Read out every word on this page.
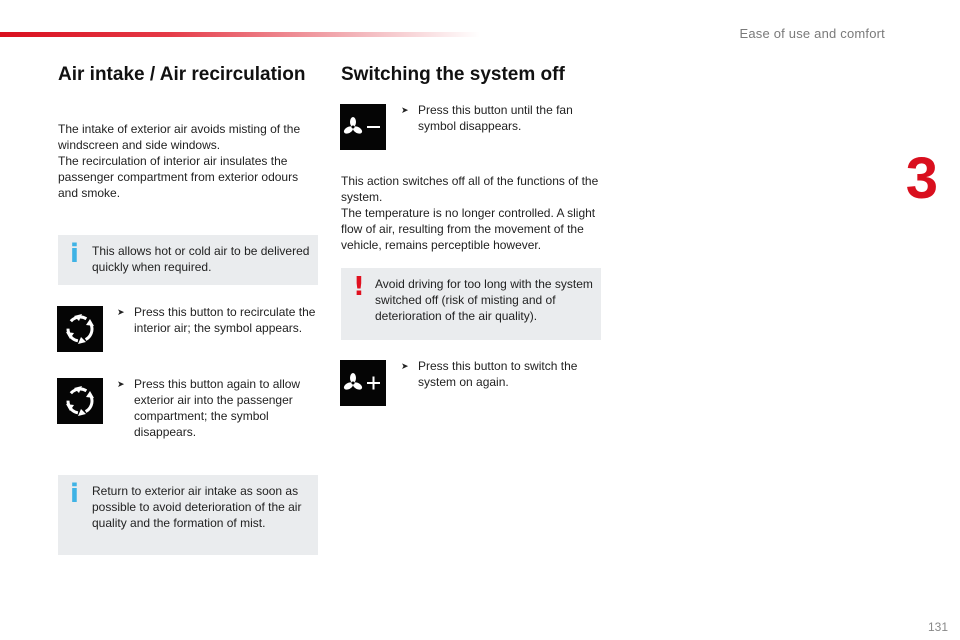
Ease of use and comfort
3
Air intake / Air recirculation
The intake of exterior air avoids misting of the windscreen and side windows.
The recirculation of interior air insulates the passenger compartment from exterior odours and smoke.
i This allows hot or cold air to be delivered quickly when required.
➤ Press this button to recirculate the interior air; the symbol appears.
➤ Press this button again to allow exterior air into the passenger compartment; the symbol disappears.
i Return to exterior air intake as soon as possible to avoid deterioration of the air quality and the formation of mist.
Switching the system off
➤ Press this button until the fan symbol disappears.
This action switches off all of the functions of the system.
The temperature is no longer controlled. A slight flow of air, resulting from the movement of the vehicle, remains perceptible however.
! Avoid driving for too long with the system switched off (risk of misting and of deterioration of the air quality).
➤ Press this button to switch the system on again.
131
